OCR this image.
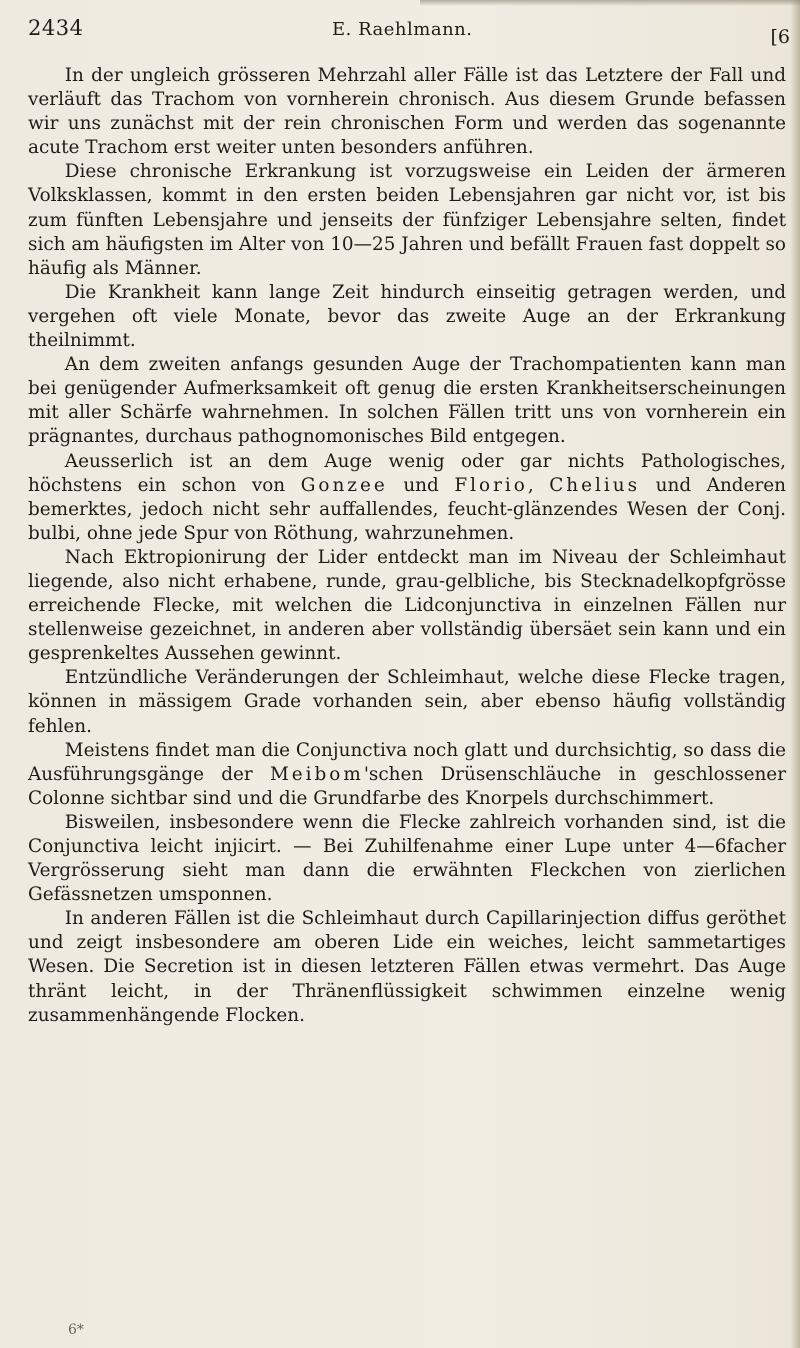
2434	E. Raehlmann.	[6

In der ungleich grösseren Mehrzahl aller Fälle ist das Letztere der Fall und verläuft das Trachom von vornherein chronisch. Aus diesem Grunde befassen wir uns zunächst mit der rein chronischen Form und werden das sogenannte acute Trachom erst weiter unten besonders anführen.

Diese chronische Erkrankung ist vorzugsweise ein Leiden der ärmeren Volksklassen, kommt in den ersten beiden Lebensjahren gar nicht vor, ist bis zum fünften Lebensjahre und jenseits der fünfziger Lebensjahre selten, findet sich am häufigsten im Alter von 10—25 Jahren und befällt Frauen fast doppelt so häufig als Männer.

Die Krankheit kann lange Zeit hindurch einseitig getragen werden, und vergehen oft viele Monate, bevor das zweite Auge an der Erkrankung theilnimmt.

An dem zweiten anfangs gesunden Auge der Trachompatienten kann man bei genügender Aufmerksamkeit oft genug die ersten Krankheitserscheinungen mit aller Schärfe wahrnehmen. In solchen Fällen tritt uns von vornherein ein prägnantes, durchaus pathognomonisches Bild entgegen.

Aeusserlich ist an dem Auge wenig oder gar nichts Pathologisches, höchstens ein schon von Gonzee und Florio, Chelius und Anderen bemerktes, jedoch nicht sehr auffallendes, feucht-glänzendes Wesen der Conj. bulbi, ohne jede Spur von Röthung, wahrzunehmen.

Nach Ektropionirung der Lider entdeckt man im Niveau der Schleimhaut liegende, also nicht erhabene, runde, grau-gelbliche, bis Stecknadelkopfgrösse erreichende Flecke, mit welchen die Lidconjunctiva in einzelnen Fällen nur stellenweise gezeichnet, in anderen aber vollständig übersäet sein kann und ein gesprenkeltes Aussehen gewinnt.

Entzündliche Veränderungen der Schleimhaut, welche diese Flecke tragen, können in mässigem Grade vorhanden sein, aber ebenso häufig vollständig fehlen.

Meistens findet man die Conjunctiva noch glatt und durchsichtig, so dass die Ausführungsgänge der Meibom'schen Drüsenschläuche in geschlossener Colonne sichtbar sind und die Grundfarbe des Knorpels durchschimmert.

Bisweilen, insbesondere wenn die Flecke zahlreich vorhanden sind, ist die Conjunctiva leicht injicirt. — Bei Zuhilfenahme einer Lupe unter 4—6facher Vergrösserung sieht man dann die erwähnten Fleckchen von zierlichen Gefässnetzen umsponnen.

In anderen Fällen ist die Schleimhaut durch Capillarinjection diffus geröthet und zeigt insbesondere am oberen Lide ein weiches, leicht sammetartiges Wesen. Die Secretion ist in diesen letzteren Fällen etwas vermehrt. Das Auge thränt leicht, in der Thränenflüssigkeit schwimmen einzelne wenig zusammenhängende Flocken.

6*
